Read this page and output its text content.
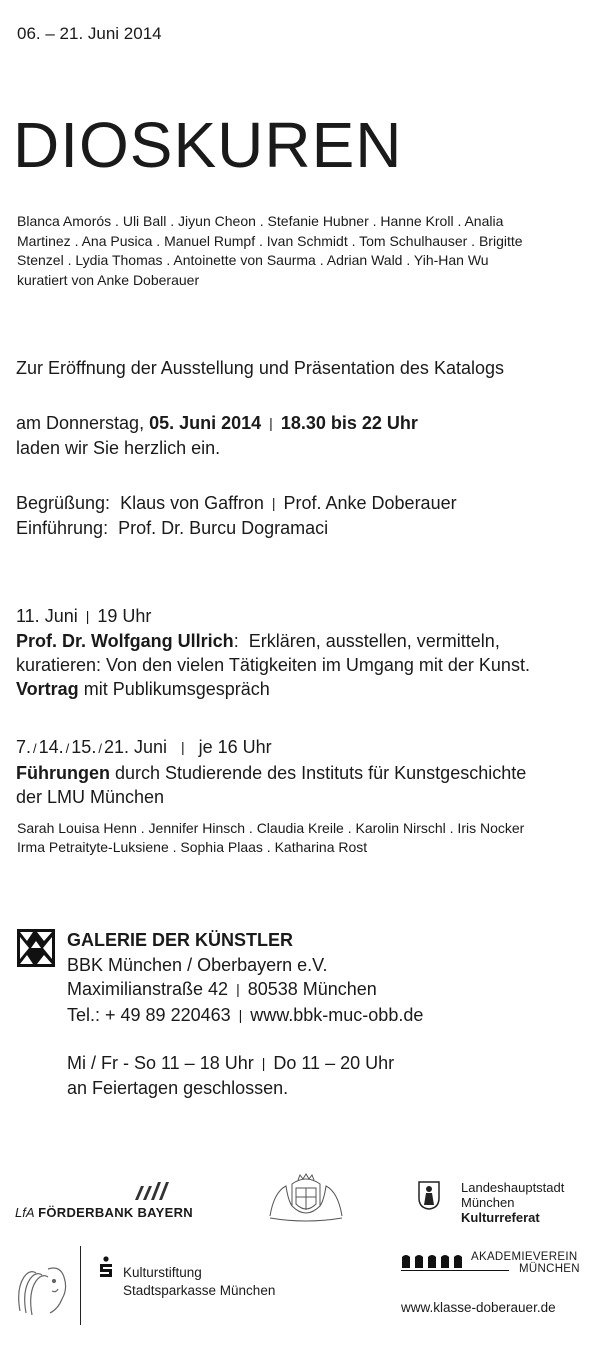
06. – 21. Juni 2014
DIOSKUREN
Blanca Amorós . Uli Ball . Jiyun Cheon . Stefanie Hubner . Hanne Kroll . Analia
Martinez . Ana Pusica . Manuel Rumpf . Ivan Schmidt . Tom Schulhauser . Brigitte
Stenzel . Lydia Thomas . Antoinette von Saurma . Adrian Wald . Yih-Han Wu
kuratiert von Anke Doberauer
Zur Eröffnung der Ausstellung und Präsentation des Katalogs
am Donnerstag, 05. Juni 2014 | 18.30 bis 22 Uhr
laden wir Sie herzlich ein.
Begrüßung: Klaus von Gaffron | Prof. Anke Doberauer
Einführung: Prof. Dr. Burcu Dogramaci
11. Juni | 19 Uhr
Prof. Dr. Wolfgang Ullrich: Erklären, ausstellen, vermitteln,
kuratieren: Von den vielen Tätigkeiten im Umgang mit der Kunst.
Vortrag mit Publikumsgespräch
7. / 14. / 15. / 21. Juni | je 16 Uhr
Führungen durch Studierende des Instituts für Kunstgeschichte
der LMU München
Sarah Louisa Henn . Jennifer Hinsch . Claudia Kreile . Karolin Nirschl . Iris Nocker
Irma Petraityte-Luksiene . Sophia Plaas . Katharina Rost
GALERIE DER KÜNSTLER
BBK München / Oberbayern e.V.
Maximilianstraße 42 | 80538 München
Tel.: + 49 89 220463 | www.bbk-muc-obb.de
Mi / Fr - So 11 – 18 Uhr | Do 11 – 20 Uhr
an Feiertagen geschlossen.
LfA FÖRDERBANK BAYERN
Landeshauptstadt
München
Kulturreferat
Kulturstiftung
Stadtsparkasse München
AKADEMIEVEREIN
MÜNCHEN
www.klasse-doberauer.de
